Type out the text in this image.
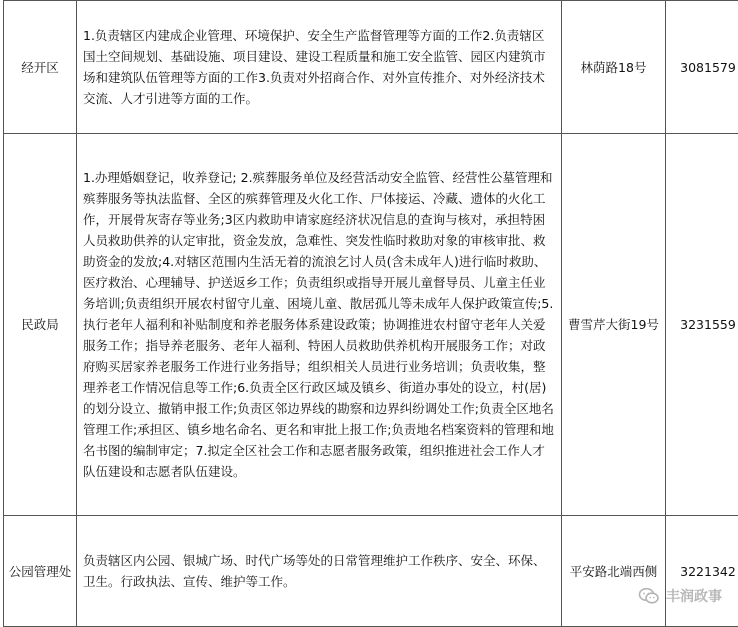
经开区	1.负责辖区内建成企业管理、环境保护、安全生产监督管理等方面的工作2.负责辖区国土空间规划、基础设施、项目建设、建设工程质量和施工安全监管、园区内建筑市场和建筑队伍管理等方面的工作3.负责对外招商合作、对外宣传推介、对外经济技术交流、人才引进等方面的工作。	林荫路18号	3081579
民政局	1.办理婚姻登记，收养登记; 2.殡葬服务单位及经营活动安全监管、经营性公墓管理和殡葬服务等执法监督、全区的殡葬管理及火化工作、尸体接运、冷藏、遗体的火化工作，开展骨灰寄存等业务;3区内救助申请家庭经济状况信息的查询与核对，承担特困人员救助供养的认定审批，资金发放，急难性、突发性临时救助对象的审核审批、救助资金的发放;4.对辖区范围内生活无着的流浪乞讨人员(含未成年人)进行临时救助、医疗救治、心理辅导、护送返乡工作；负责组织或指导开展儿童督导员、儿童主任业务培训;负责组织开展农村留守儿童、困境儿童、散居孤儿等未成年人保护政策宣传;5. 执行老年人福利和补贴制度和养老服务体系建设政策；协调推进农村留守老年人关爱服务工作；指导养老服务、老年人福利、特困人员救助供养机构开展服务工作；对政府购买居家养老服务工作进行业务指导；组织相关人员进行业务培训；负责收集，整理养老工作情况信息等工作;6.负责全区行政区域及镇乡、街道办事处的设立，村(居)的划分设立、撤销申报工作;负责区邻边界线的勘察和边界纠纷调处工作;负责全区地名管理工作;承担区、镇乡地名命名、更名和审批上报工作;负责地名档案资料的管理和地名书图的编制审定；7.拟定全区社会工作和志愿者服务政策，组织推进社会工作人才队伍建设和志愿者队伍建设。	曹雪芹大街19号	3231559
公园管理处	负责辖区内公园、银城广场、时代广场等处的日常管理维护工作秩序、安全、环保、卫生。行政执法、宣传、维护等工作。	平安路北端西侧	3221342
丰润政事
